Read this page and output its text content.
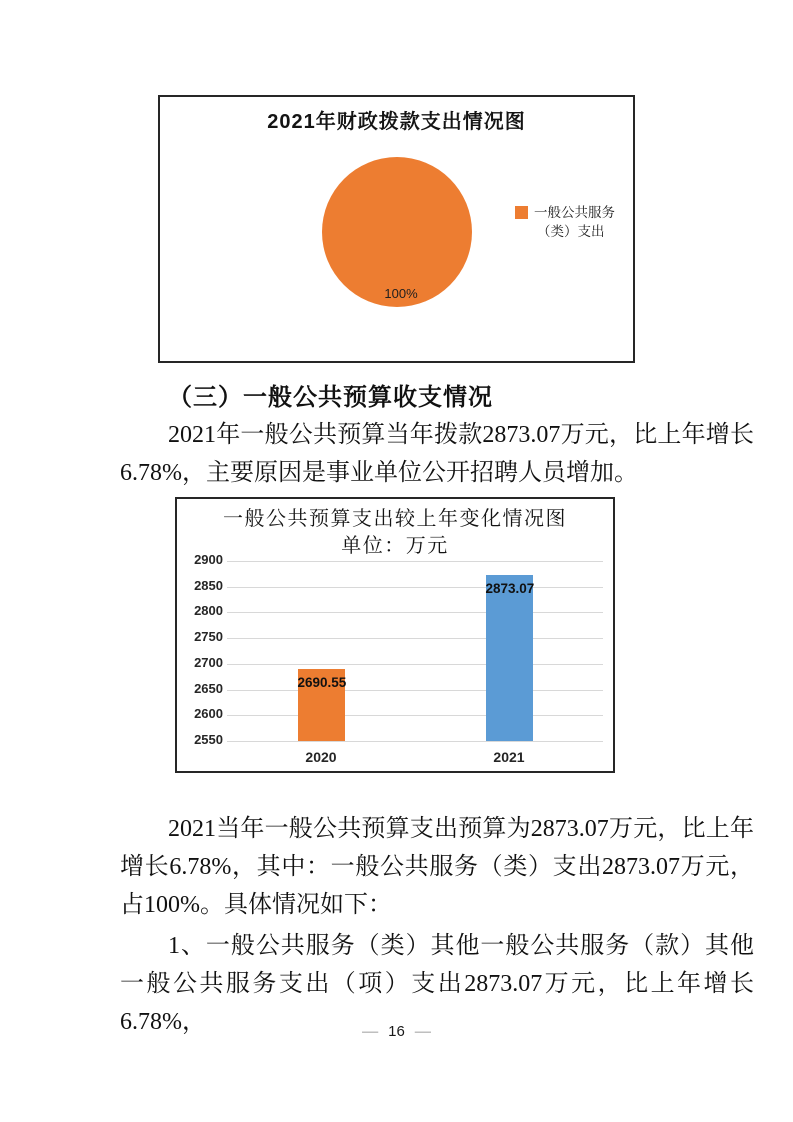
2021年财政拨款支出情况图
100%
一般公共服务
（类）支出
（三）一般公共预算收支情况
2021年一般公共预算当年拨款2873.07万元，比上年增长6.78%，主要原因是事业单位公开招聘人员增加。
一般公共预算支出较上年变化情况图
单位：万元
2900
2850
2800
2750
2700
2650
2600
2550
2690.55
2020
2873.07
2021
2021当年一般公共预算支出预算为2873.07万元，比上年增长6.78%，其中：一般公共服务（类）支出2873.07万元，占100%。具体情况如下：
1、一般公共服务（类）其他一般公共服务（款）其他一般公共服务支出（项）支出2873.07万元，比上年增长6.78%，	— 16 —
